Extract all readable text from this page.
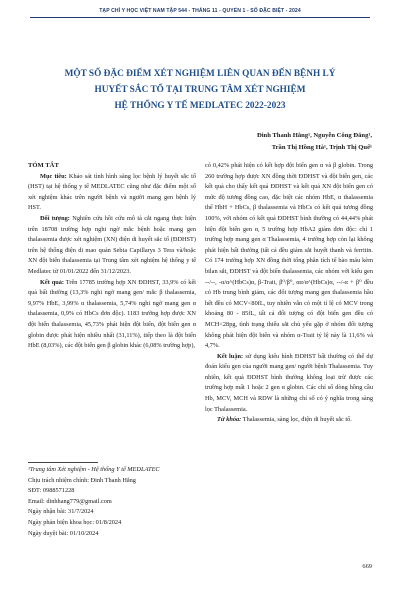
TẠP CHÍ Y HỌC VIỆT NAM TẬP 544 - THÁNG 11 - QUYỂN 1 - SỐ ĐẶC BIỆT - 2024
MỘT SỐ ĐẶC ĐIỂM XÉT NGHIỆM LIÊN QUAN ĐẾN BỆNH LÝ
HUYẾT SẮC TỐ TẠI TRUNG TÂM XÉT NGHIỆM
HỆ THỐNG Y TẾ MEDLATEC 2022-2023
Đinh Thanh Hằng¹, Nguyễn Công Đăng¹,
Trần Thị Hồng Hà¹, Trịnh Thị Quế¹

TÓM TẮT

Mục tiêu: Khảo sát tình hình sàng lọc bệnh lý huyết sắc tố (HST) tại hệ thống y tế MEDLATEC cũng như đặc điểm một số xét nghiệm khác trên người bệnh và người mang gen bệnh lý HST.

Đối tượng: Nghiên cứu hồi cứu mô tả cắt ngang thực hiện trên 18708 trường hợp nghi ngờ mắc bệnh hoặc mang gen thalassemia được xét nghiệm (XN) điện di huyết sắc tố (ĐDHST) trên hệ thống điện di mao quản Sebia Capillarys 3 Tera và/hoặc XN đột biến thalassemia tại Trung tâm xét nghiệm hệ thống y tế Medlatec từ 01/01/2022 đến 31/12/2023.

Kết quả: Trên 17785 trường hợp XN ĐDHST, 33,9% có kết quả bất thường (13,3% nghi ngờ mang gen/ mắc β thalassemia, 9,97% HbE, 3,99% α thalassemia, 5,74% nghi ngờ mang gen α thalassemia, 0,9% có HbCs đơn độc). 1183 trường hợp được XN đột biến thalassemia, 45,73% phát hiện đột biến, đột biến gen α globin được phát hiện nhiều nhất (31,11%), tiếp theo là đột biến HbE (8,03%), các đột biến gen β globin khác (6,08% trường hợp),

có 0,42% phát hiện có kết hợp đột biến gen α và β globin. Trong 260 trường hợp được XN đồng thời ĐDHST và đột biến gen, các kết quả cho thấy kết quả ĐDHST và kết quả XN đột biến gen có mức độ tương đồng cao, đặc biệt các nhóm HbE, α thalassemia thể HbH + HbCs, β thalassemia và HbCs có kết quả tương đồng 100%, với nhóm có kết quả ĐDHST bình thường có 44,44% phát hiện đột biến gen α, 5 trường hợp HbA2 giảm đơn độc: chỉ 1 trường hợp mang gen α Thalassemia, 4 trường hợp còn lại không phát hiện bất thường (tất cả đều giảm sắt huyết thanh và ferritin. Có 174 trường hợp XN đồng thời tổng phân tích tế bào máu kèm bilan sắt, ĐDHST và đột biến thalassemia, các nhóm với kiểu gen --/--, -α/α^(HbCs)α, β-Trait, β⁰/β⁰, αα/α^(HbCs)α, --/-α + β⁰ đều có Hb trung bình giảm, các đối tượng mang gen thalassemia hầu hết đều có MCV<80fL, tuy nhiên vẫn có một tỉ lệ có MCV trong khoảng 80 - 85fL, tất cả đối tượng có đột biến gen đều có MCH<28pg, tình trạng thiếu sắt chủ yếu gặp ở nhóm đối tượng không phát hiện đột biến và nhóm α-Trait tỷ lệ này là 11,6% và 4,7%.

Kết luận: sử dụng kiểu hình ĐDHST bất thường có thể dự đoán kiểu gen của người mang gen/ người bệnh Thalassemia. Tuy nhiên, kết quả ĐDHST bình thường không loại trừ được các trường hợp mất 1 hoặc 2 gen α globin. Các chỉ số dòng hồng cầu Hb, MCV, MCH và RDW là những chỉ số có ý nghĩa trong sàng lọc Thalassemia.

Từ khóa: Thalassemia, sàng lọc, điện di huyết sắc tố.

¹Trung tâm Xét nghiệm - Hệ thống Y tế MEDLATEC
Chịu trách nhiệm chính: Đinh Thanh Hằng
SĐT: 0988571228
Email: dinhhang779@gmail.com
Ngày nhận bài: 31/7/2024
Ngày phản biện khoa học: 01/8/2024
Ngày duyệt bài: 01/10/2024
669
